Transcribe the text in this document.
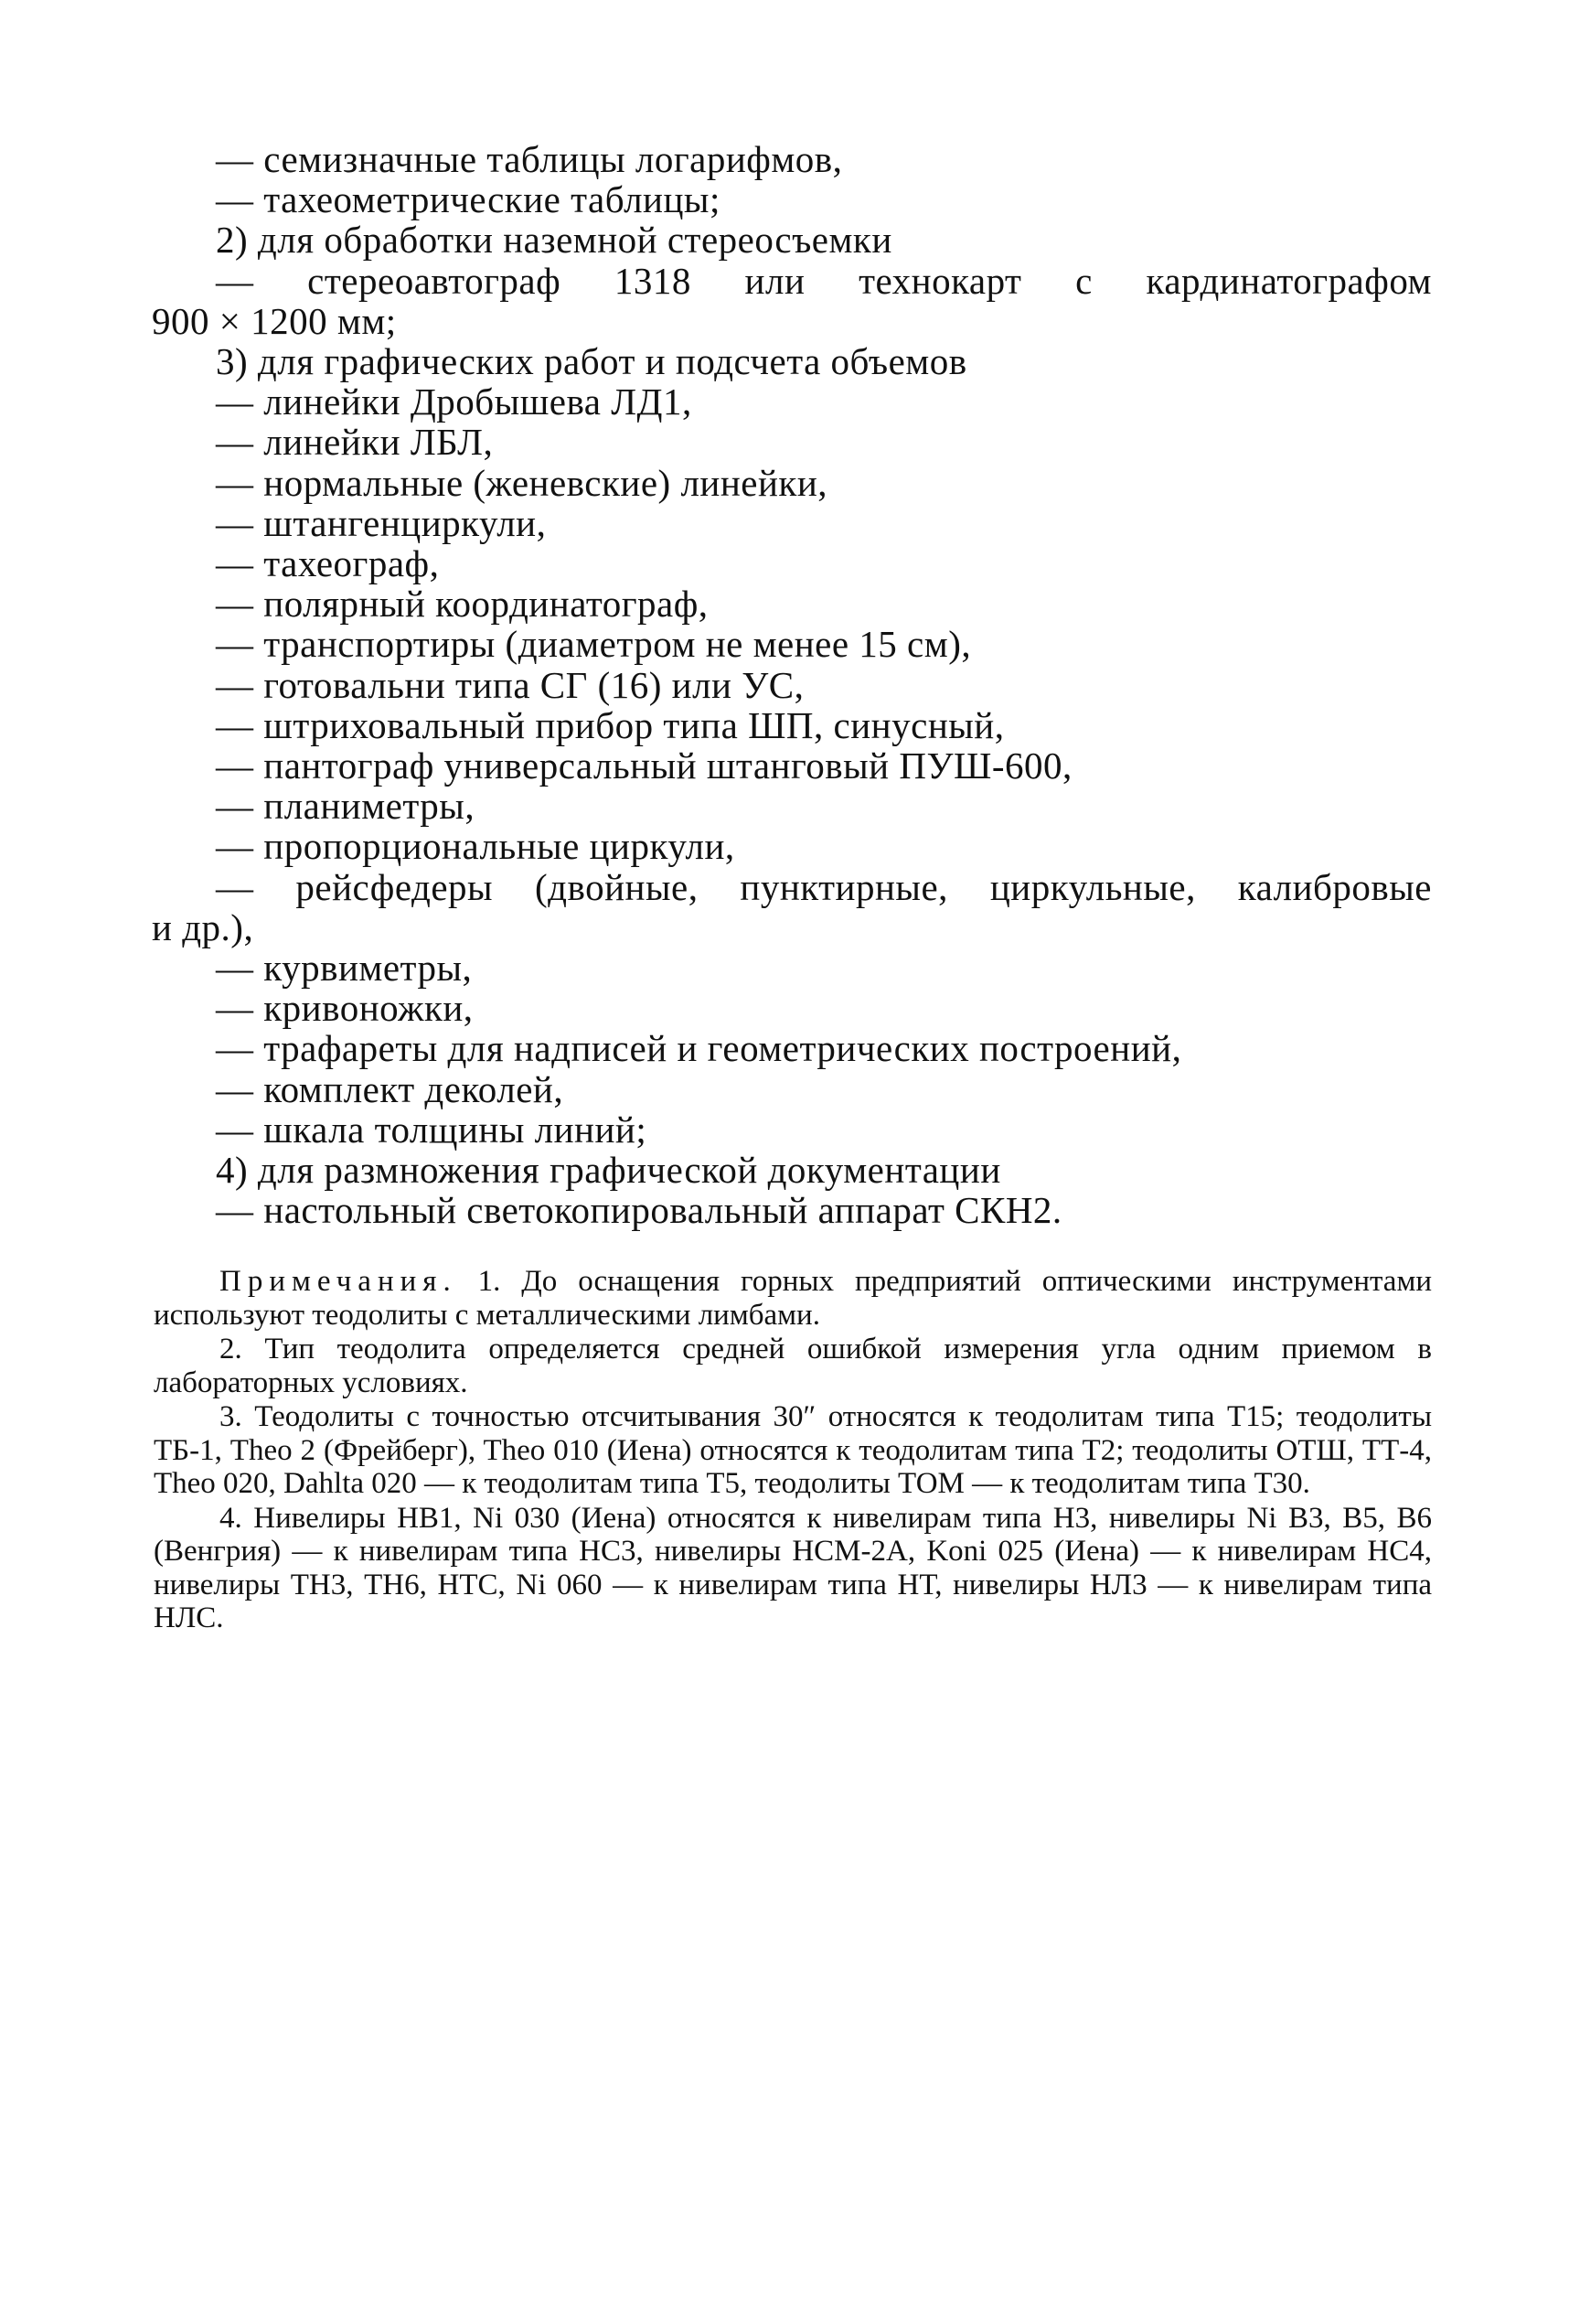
— семизначные таблицы логарифмов,
— тахеометрические таблицы;
2) для обработки наземной стереосъемки
— стереоавтограф 1318 или технокарт с кардинатографом
900 × 1200 мм;
3) для графических работ и подсчета объемов
— линейки Дробышева ЛД1,
— линейки ЛБЛ,
— нормальные (женевские) линейки,
— штангенциркули,
— тахеограф,
— полярный координатограф,
— транспортиры (диаметром не менее 15 см),
— готовальни типа СГ (16) или УС,
— штриховальный прибор типа ШП, синусный,
— пантограф универсальный штанговый ПУШ-600,
— планиметры,
— пропорциональные циркули,
— рейсфедеры (двойные, пунктирные, циркульные, калибровые
и др.),
— курвиметры,
— кривоножки,
— трафареты для надписей и геометрических построений,
— комплект деколей,
— шкала толщины линий;
4) для размножения графической документации
— настольный светокопировальный аппарат СКН2.

Примечания. 1. До оснащения горных предприятий оптическими инструментами используют теодолиты с металлическими лимбами.

2. Тип теодолита определяется средней ошибкой измерения угла одним приемом в лабораторных условиях.

3. Теодолиты с точностью отсчитывания 30″ относятся к теодолитам типа Т15; теодолиты ТБ-1, Theo 2 (Фрейберг), Theo 010 (Иена) относятся к теодолитам типа Т2; теодолиты ОТШ, ТТ-4, Theo 020, Dahlta 020 — к теодолитам типа Т5, теодолиты ТОМ — к теодолитам типа Т30.

4. Нивелиры НВ1, Ni 030 (Иена) относятся к нивелирам типа Н3, нивелиры Ni B3, B5, B6 (Венгрия) — к нивелирам типа НС3, нивелиры НСМ-2А, Koni 025 (Иена) — к нивелирам НС4, нивелиры ТН3, ТН6, НТС, Ni 060 — к нивелирам типа НТ, нивелиры НЛ3 — к нивелирам типа НЛС.
